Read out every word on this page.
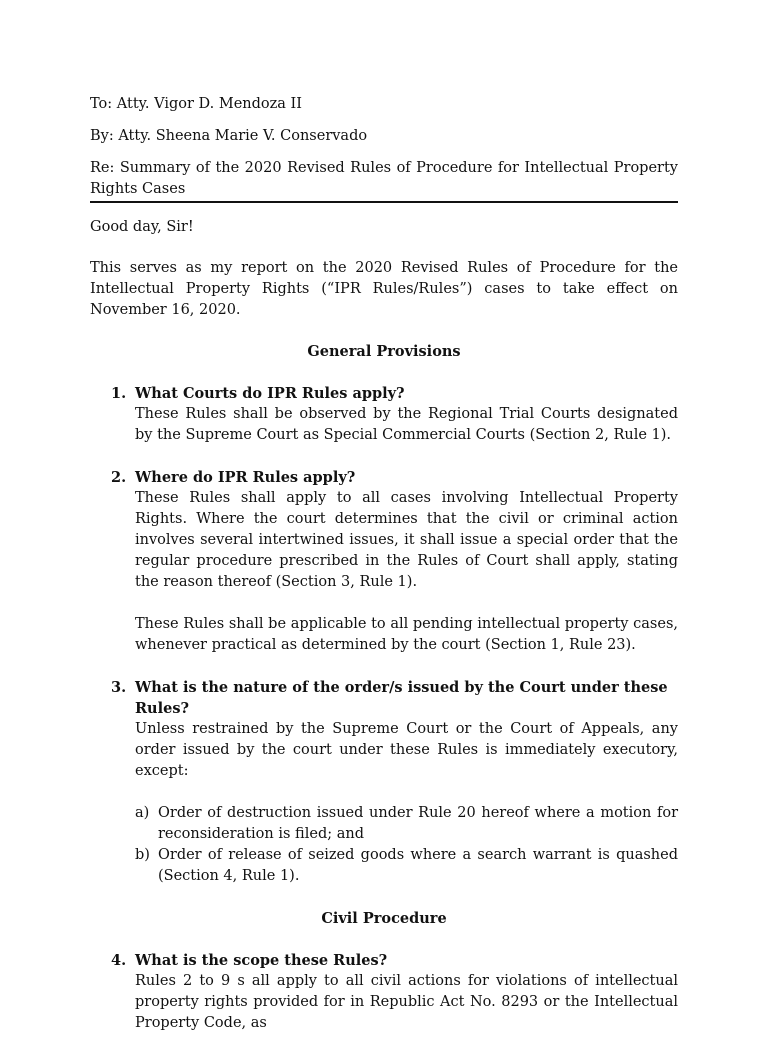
To: Atty. Vigor D. Mendoza II
By: Atty. Sheena Marie V. Conservado
Re: Summary of the 2020 Revised Rules of Procedure for Intellectual Property Rights Cases

Good day, Sir!

This serves as my report on the 2020 Revised Rules of Procedure for the Intellectual Property Rights (“IPR Rules/Rules”) cases to take effect on November 16, 2020.

General Provisions
1. What Courts do IPR Rules apply?
These Rules shall be observed by the Regional Trial Courts designated by the Supreme Court as Special Commercial Courts (Section 2, Rule 1).
2. Where do IPR Rules apply?
These Rules shall apply to all cases involving Intellectual Property Rights. Where the court determines that the civil or criminal action involves several intertwined issues, it shall issue a special order that the regular procedure prescribed in the Rules of Court shall apply, stating the reason thereof (Section 3, Rule 1).
These Rules shall be applicable to all pending intellectual property cases, whenever practical as determined by the court (Section 1, Rule 23).
3. What is the nature of the order/s issued by the Court under these Rules?
Unless restrained by the Supreme Court or the Court of Appeals, any order issued by the court under these Rules is immediately executory, except:
a) Order of destruction issued under Rule 20 hereof where a motion for reconsideration is filed; and
b) Order of release of seized goods where a search warrant is quashed (Section 4, Rule 1).
Civil Procedure
4. What is the scope these Rules?
Rules 2 to 9 s all apply to all civil actions for violations of intellectual property rights provided for in Republic Act No. 8293 or the Intellectual Property Code, as
